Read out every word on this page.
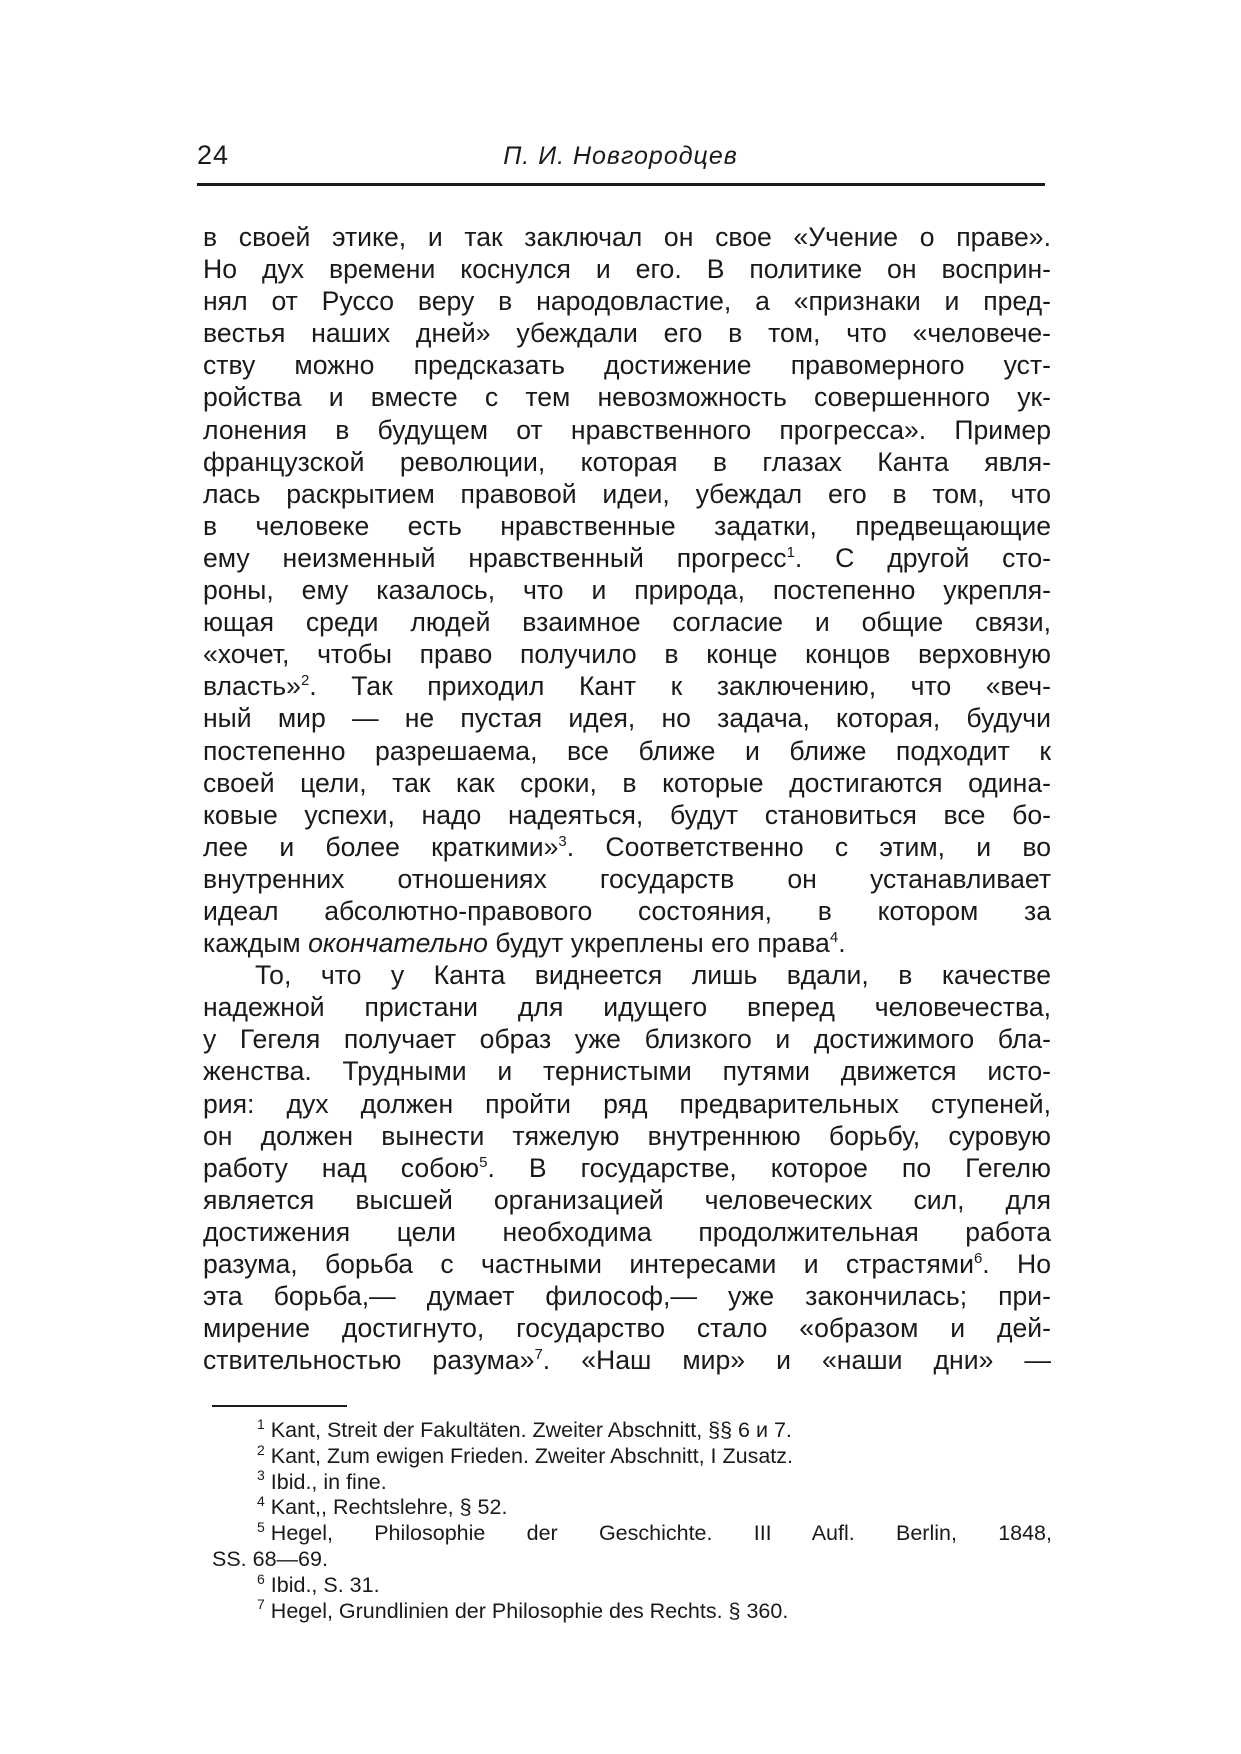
24	П. И. Новгородцев
в своей этике, и так заключал он свое «Учение о праве».
Но дух времени коснулся и его. В политике он восприн-
нял от Руссо веру в народовластие, а «признаки и пред-
вестья наших дней» убеждали его в том, что «человече-
ству можно предсказать достижение правомерного уст-
ройства и вместе с тем невозможность совершенного ук-
лонения в будущем от нравственного прогресса». Пример
французской революции, которая в глазах Канта явля-
лась раскрытием правовой идеи, убеждал его в том, что
в человеке есть нравственные задатки, предвещающие
ему неизменный нравственный прогресс$^1$. С другой сто-
роны, ему казалось, что и природа, постепенно укрепля-
ющая среди людей взаимное согласие и общие связи,
«хочет, чтобы право получило в конце концов верховную
власть»$^2$. Так приходил Кант к заключению, что «веч-
ный мир — не пустая идея, но задача, которая, будучи
постепенно разрешаема, все ближе и ближе подходит к
своей цели, так как сроки, в которые достигаются одина-
ковые успехи, надо надеяться, будут становиться все бо-
лее и более краткими»$^3$. Соответственно с этим, и во
внутренних отношениях государств он устанавливает
идеал абсолютно-правового состояния, в котором за
каждым окончательно будут укреплены его права$^4$.
То, что у Канта виднеется лишь вдали, в качестве
надежной пристани для идущего вперед человечества,
у Гегеля получает образ уже близкого и достижимого бла-
женства. Трудными и тернистыми путями движется исто-
рия: дух должен пройти ряд предварительных ступеней,
он должен вынести тяжелую внутреннюю борьбу, суровую
работу над собою$^5$. В государстве, которое по Гегелю
является высшей организацией человеческих сил, для
достижения цели необходима продолжительная работа
разума, борьба с частными интересами и страстями$^6$. Но
эта борьба,— думает философ,— уже закончилась; при-
мирение достигнуто, государство стало «образом и дей-
ствительностью разума»$^7$. «Наш мир» и «наши дни» —
$^1$ Kant, Streit der Fakultäten. Zweiter Abschnitt, §§ 6 и 7.
$^2$ Kant, Zum ewigen Frieden. Zweiter Abschnitt, I Zusatz.
$^3$ Ibid., in fine.
$^4$ Kant,, Rechtslehre, § 52.
$^5$ Hegel, Philosophie der Geschichte. III Aufl. Berlin, 1848,
SS. 68—69.
$^6$ Ibid., S. 31.
$^7$ Hegel, Grundlinien der Philosophie des Rechts. § 360.
